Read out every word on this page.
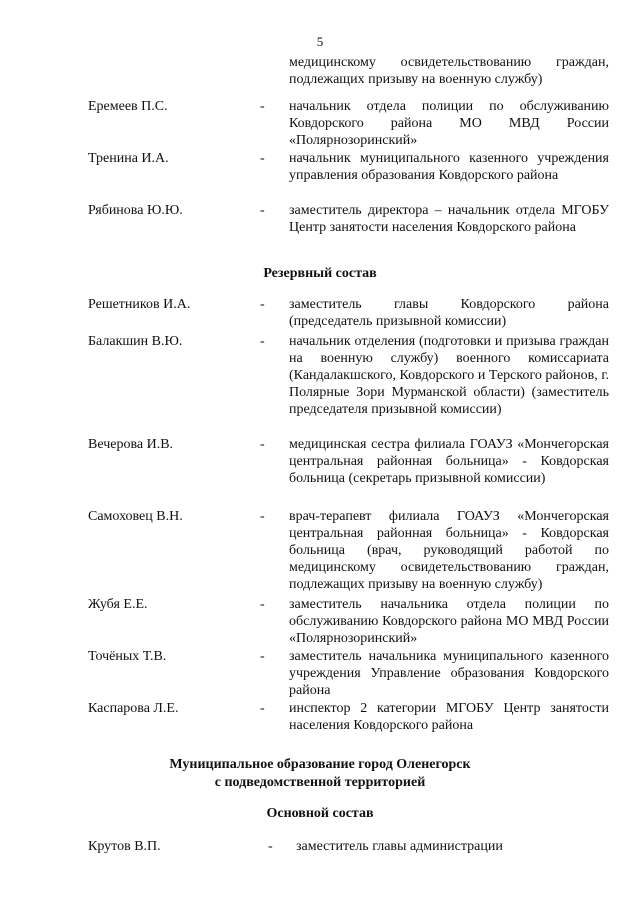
5
медицинскому освидетельствованию граждан, подлежащих призыву на военную службу)
Еремеев П.С.	- начальник отдела полиции по обслуживанию Ковдорского района МО МВД России «Полярнозоринский»
Тренина И.А.	- начальник муниципального казенного учреждения управления образования Ковдорского района
Рябинова Ю.Ю.	- заместитель директора – начальник отдела МГОБУ Центр занятости населения Ковдорского района
Резервный состав
Решетников И.А.	- заместитель главы Ковдорского района (председатель призывной комиссии)
Балакшин В.Ю.	- начальник отделения (подготовки и призыва граждан на военную службу) военного комиссариата (Кандалакшского, Ковдорского и Терского районов, г. Полярные Зори Мурманской области) (заместитель председателя призывной комиссии)
Вечерова И.В.	- медицинская сестра филиала ГОАУЗ «Мончегорская центральная районная больница» - Ковдорская больница (секретарь призывной комиссии)
Самоховец В.Н.	- врач-терапевт филиала ГОАУЗ «Мончегорская центральная районная больница» - Ковдорская больница (врач, руководящий работой по медицинскому освидетельствованию граждан, подлежащих призыву на военную службу)
Жубя Е.Е.	- заместитель начальника отдела полиции по обслуживанию Ковдорского района МО МВД России «Полярнозоринский»
Точёных Т.В.	- заместитель начальника муниципального казенного учреждения Управление образования Ковдорского района
Каспарова Л.Е.	- инспектор 2 категории МГОБУ Центр занятости населения Ковдорского района
Муниципальное образование город Оленегорск
с подведомственной территорией
Основной состав
Крутов В.П.	- заместитель главы администрации
